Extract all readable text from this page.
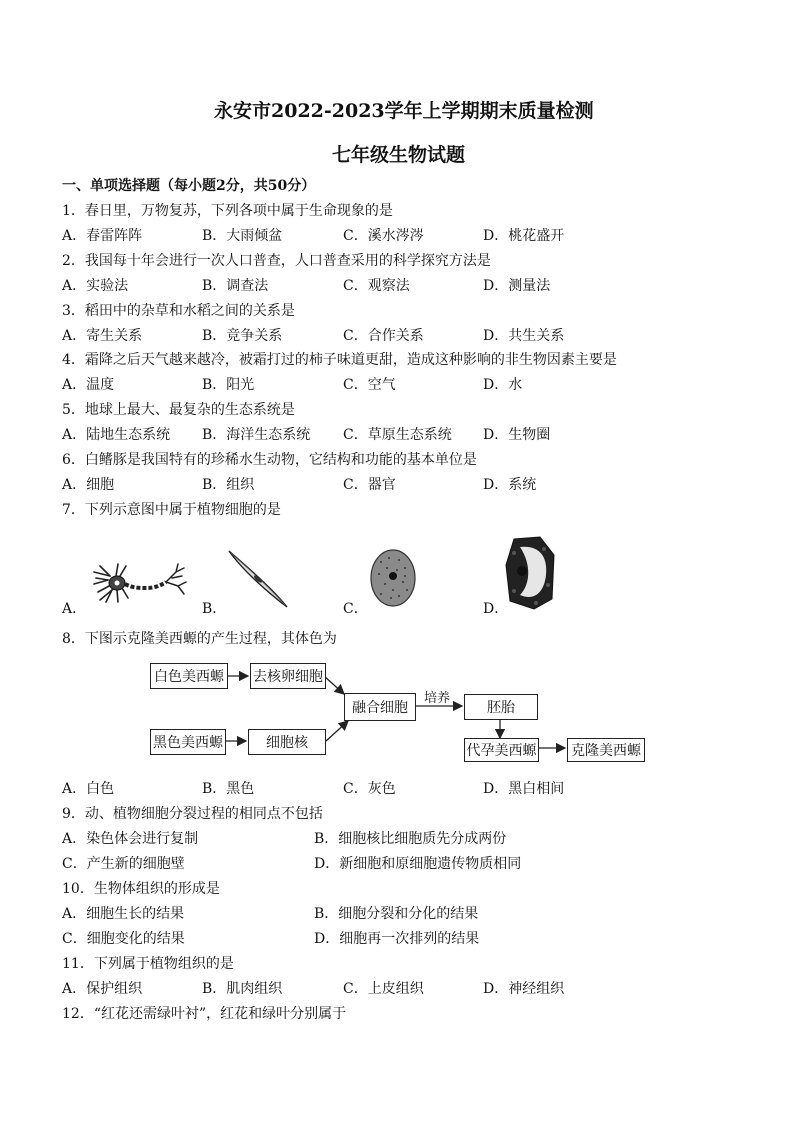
永安市2022-2023学年上学期期末质量检测
七年级生物试题
一、单项选择题（每小题2分，共50分）
1．春日里，万物复苏，下列各项中属于生命现象的是
A．春雷阵阵	B．大雨倾盆	C．溪水涔涔	D．桃花盛开
2．我国每十年会进行一次人口普查，人口普查采用的科学探究方法是
A．实验法	B．调查法	C．观察法	D．测量法
3．稻田中的杂草和水稻之间的关系是
A．寄生关系	B．竞争关系	C．合作关系	D．共生关系
4．霜降之后天气越来越冷，被霜打过的柿子味道更甜，造成这种影响的非生物因素主要是
A．温度	B．阳光	C．空气	D．水
5．地球上最大、最复杂的生态系统是
A．陆地生态系统 B．海洋生态系统 C．草原生态系统 D．生物圈
6．白鳍豚是我国特有的珍稀水生动物，它结构和功能的基本单位是
A．细胞	B．组织	C．器官	D．系统
7．下列示意图中属于植物细胞的是
A．	B．	C．	D．
8．下图示克隆美西螈的产生过程，其体色为
白色美西螈 去核卵细胞
黑色美西螈	细胞核
融合细胞
培养
胚胎
代孕美西螈 克隆美西螈
A．白色	B．黑色	C．灰色	D．黑白相间
9．动、植物细胞分裂过程的相同点不包括
A．染色体会进行复制	B．细胞核比细胞质先分成两份
C．产生新的细胞壁	D．新细胞和原细胞遗传物质相同
10．生物体组织的形成是
A．细胞生长的结果	B．细胞分裂和分化的结果
C．细胞变化的结果	D．细胞再一次排列的结果
11．下列属于植物组织的是
A．保护组织	B．肌肉组织	C．上皮组织	D．神经组织
12．“红花还需绿叶衬”，红花和绿叶分别属于
